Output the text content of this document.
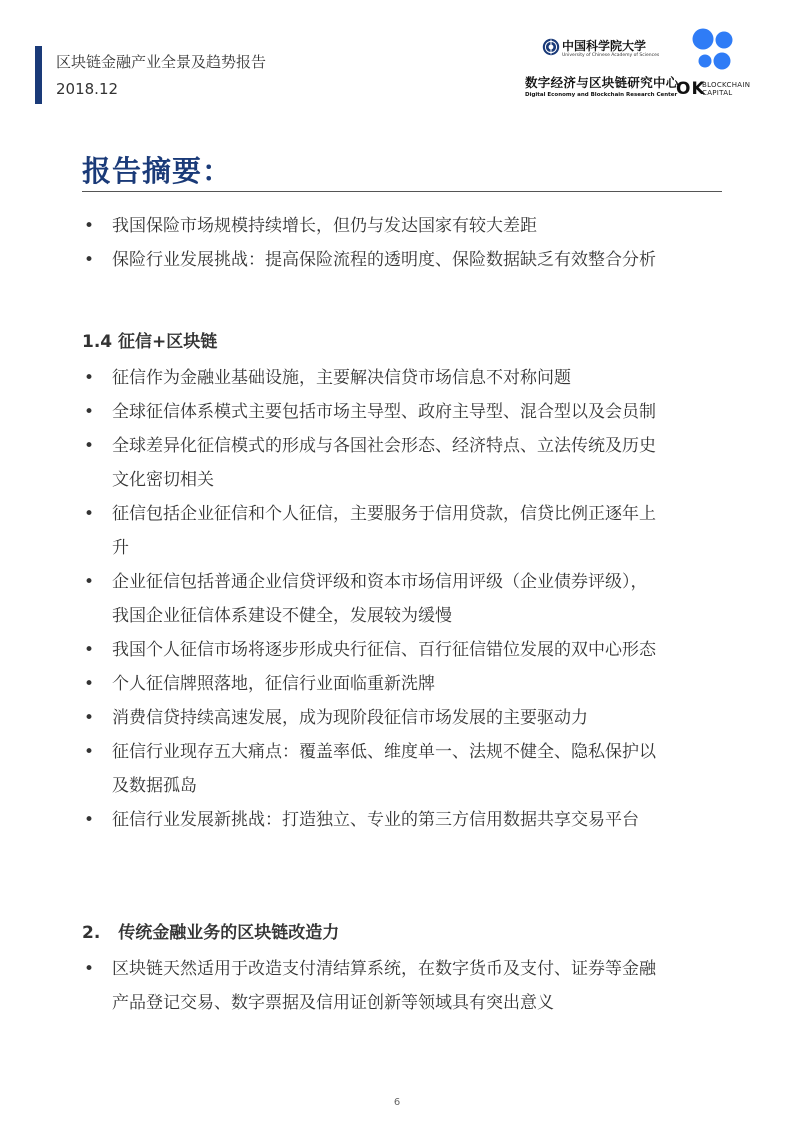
区块链金融产业全景及趋势报告
2018.12
中国科学院大学
University of Chinese Academy of Sciences
数字经济与区块链研究中心
Digital Economy and Blockchain Research Center
OK
BLOCKCHAIN
CAPITAL
报告摘要：
• 我国保险市场规模持续增长，但仍与发达国家有较大差距
• 保险行业发展挑战：提高保险流程的透明度、保险数据缺乏有效整合分析
1.4 征信+区块链
• 征信作为金融业基础设施，主要解决信贷市场信息不对称问题
• 全球征信体系模式主要包括市场主导型、政府主导型、混合型以及会员制
• 全球差异化征信模式的形成与各国社会形态、经济特点、立法传统及历史
文化密切相关
• 征信包括企业征信和个人征信，主要服务于信用贷款，信贷比例正逐年上
升
• 企业征信包括普通企业信贷评级和资本市场信用评级（企业债券评级），
我国企业征信体系建设不健全，发展较为缓慢
• 我国个人征信市场将逐步形成央行征信、百行征信错位发展的双中心形态
• 个人征信牌照落地，征信行业面临重新洗牌
• 消费信贷持续高速发展，成为现阶段征信市场发展的主要驱动力
• 征信行业现存五大痛点：覆盖率低、维度单一、法规不健全、隐私保护以
及数据孤岛
• 征信行业发展新挑战：打造独立、专业的第三方信用数据共享交易平台
2. 传统金融业务的区块链改造力
• 区块链天然适用于改造支付清结算系统，在数字货币及支付、证券等金融
产品登记交易、数字票据及信用证创新等领域具有突出意义
6
